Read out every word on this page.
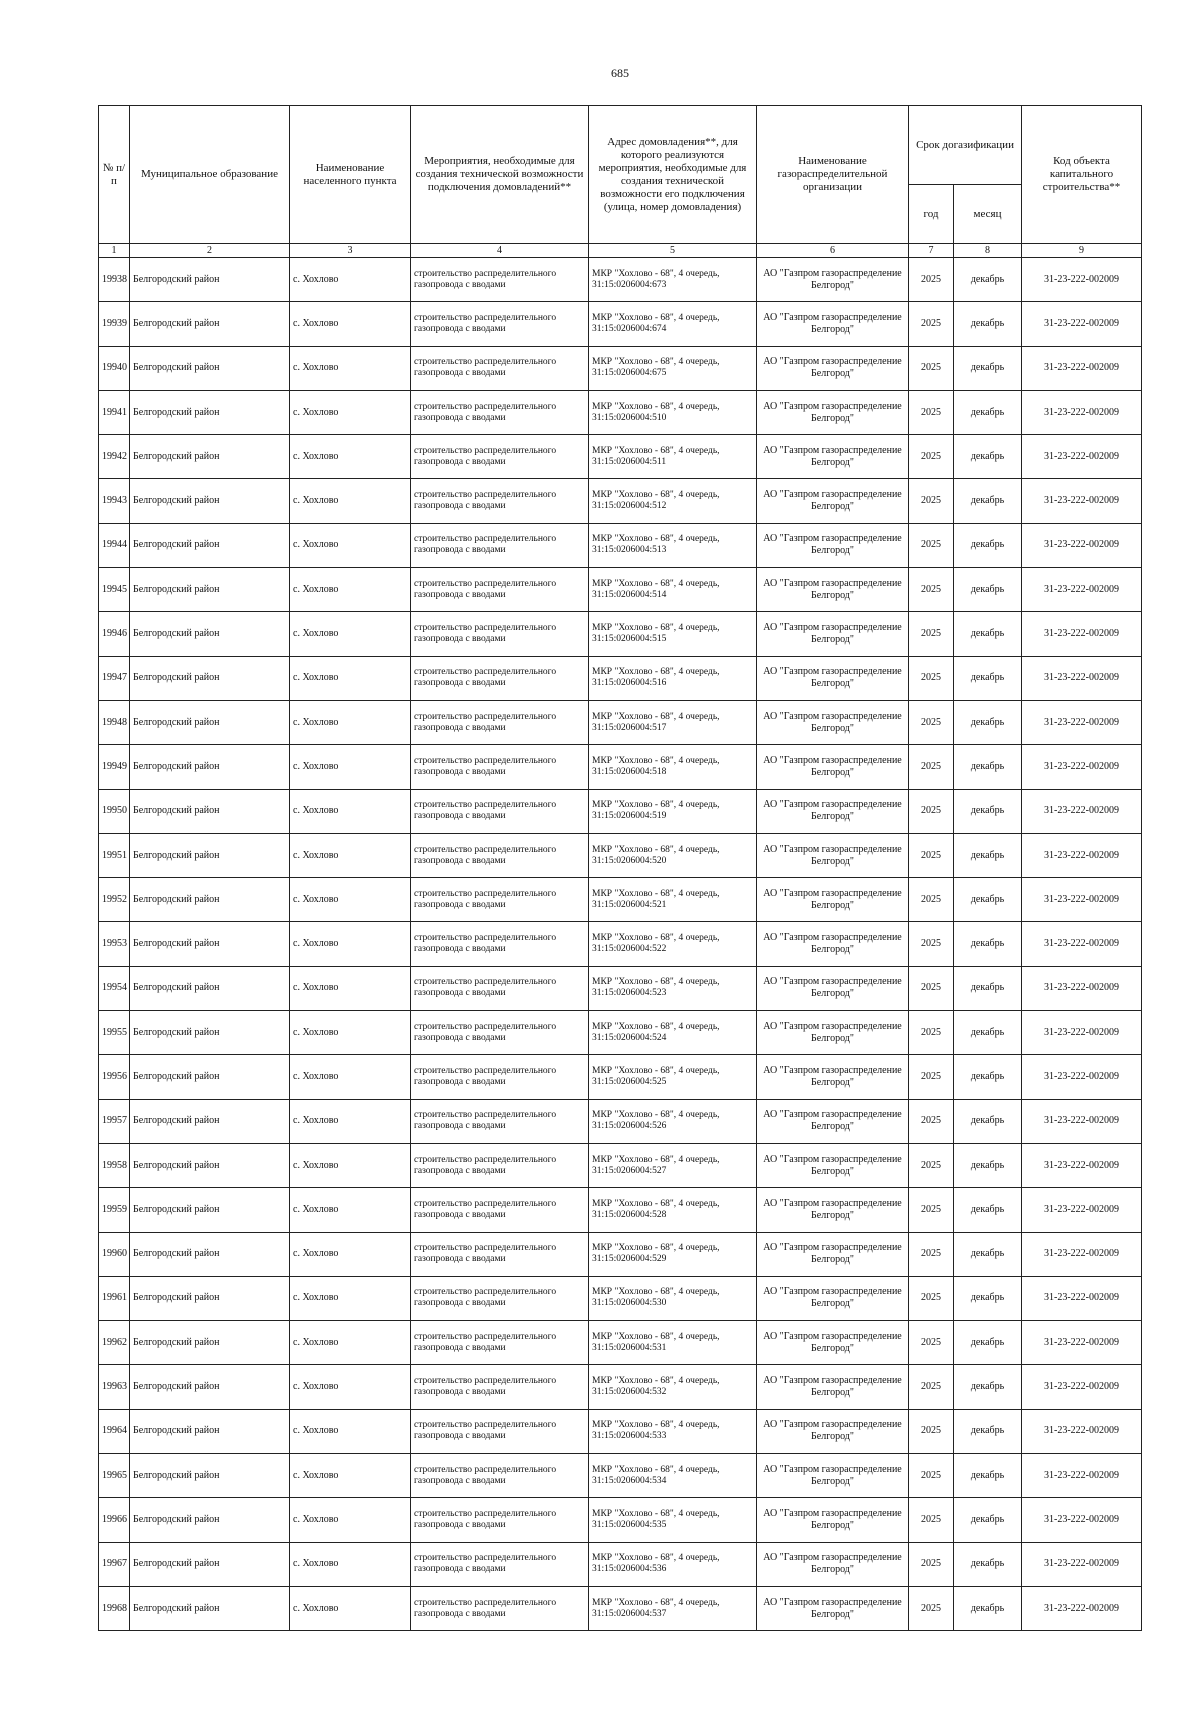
685
№ п/п	Муниципальное образование	Наименование населенного пункта	Мероприятия, необходимые для создания технической возможности подключения домовладений**	Адрес домовладения**, для которого реализуются мероприятия, необходимые для создания технической возможности его подключения (улица, номер домовладения)	Наименование газораспределительной организации	Срок догазификации		Код объекта капитального строительства**
						год	месяц	
1	2	3	4	5	6	7	8	9
19938	Белгородский район	с. Хохлово	строительство распределительного газопровода с вводами	МКР "Хохлово - 68", 4 очередь, 31:15:0206004:673	АО "Газпром газораспределение Белгород"	2025	декабрь	31-23-222-002009
19939	Белгородский район	с. Хохлово	строительство распределительного газопровода с вводами	МКР "Хохлово - 68", 4 очередь, 31:15:0206004:674	АО "Газпром газораспределение Белгород"	2025	декабрь	31-23-222-002009
19940	Белгородский район	с. Хохлово	строительство распределительного газопровода с вводами	МКР "Хохлово - 68", 4 очередь, 31:15:0206004:675	АО "Газпром газораспределение Белгород"	2025	декабрь	31-23-222-002009
19941	Белгородский район	с. Хохлово	строительство распределительного газопровода с вводами	МКР "Хохлово - 68", 4 очередь, 31:15:0206004:510	АО "Газпром газораспределение Белгород"	2025	декабрь	31-23-222-002009
19942	Белгородский район	с. Хохлово	строительство распределительного газопровода с вводами	МКР "Хохлово - 68", 4 очередь, 31:15:0206004:511	АО "Газпром газораспределение Белгород"	2025	декабрь	31-23-222-002009
19943	Белгородский район	с. Хохлово	строительство распределительного газопровода с вводами	МКР "Хохлово - 68", 4 очередь, 31:15:0206004:512	АО "Газпром газораспределение Белгород"	2025	декабрь	31-23-222-002009
19944	Белгородский район	с. Хохлово	строительство распределительного газопровода с вводами	МКР "Хохлово - 68", 4 очередь, 31:15:0206004:513	АО "Газпром газораспределение Белгород"	2025	декабрь	31-23-222-002009
19945	Белгородский район	с. Хохлово	строительство распределительного газопровода с вводами	МКР "Хохлово - 68", 4 очередь, 31:15:0206004:514	АО "Газпром газораспределение Белгород"	2025	декабрь	31-23-222-002009
19946	Белгородский район	с. Хохлово	строительство распределительного газопровода с вводами	МКР "Хохлово - 68", 4 очередь, 31:15:0206004:515	АО "Газпром газораспределение Белгород"	2025	декабрь	31-23-222-002009
19947	Белгородский район	с. Хохлово	строительство распределительного газопровода с вводами	МКР "Хохлово - 68", 4 очередь, 31:15:0206004:516	АО "Газпром газораспределение Белгород"	2025	декабрь	31-23-222-002009
19948	Белгородский район	с. Хохлово	строительство распределительного газопровода с вводами	МКР "Хохлово - 68", 4 очередь, 31:15:0206004:517	АО "Газпром газораспределение Белгород"	2025	декабрь	31-23-222-002009
19949	Белгородский район	с. Хохлово	строительство распределительного газопровода с вводами	МКР "Хохлово - 68", 4 очередь, 31:15:0206004:518	АО "Газпром газораспределение Белгород"	2025	декабрь	31-23-222-002009
19950	Белгородский район	с. Хохлово	строительство распределительного газопровода с вводами	МКР "Хохлово - 68", 4 очередь, 31:15:0206004:519	АО "Газпром газораспределение Белгород"	2025	декабрь	31-23-222-002009
19951	Белгородский район	с. Хохлово	строительство распределительного газопровода с вводами	МКР "Хохлово - 68", 4 очередь, 31:15:0206004:520	АО "Газпром газораспределение Белгород"	2025	декабрь	31-23-222-002009
19952	Белгородский район	с. Хохлово	строительство распределительного газопровода с вводами	МКР "Хохлово - 68", 4 очередь, 31:15:0206004:521	АО "Газпром газораспределение Белгород"	2025	декабрь	31-23-222-002009
19953	Белгородский район	с. Хохлово	строительство распределительного газопровода с вводами	МКР "Хохлово - 68", 4 очередь, 31:15:0206004:522	АО "Газпром газораспределение Белгород"	2025	декабрь	31-23-222-002009
19954	Белгородский район	с. Хохлово	строительство распределительного газопровода с вводами	МКР "Хохлово - 68", 4 очередь, 31:15:0206004:523	АО "Газпром газораспределение Белгород"	2025	декабрь	31-23-222-002009
19955	Белгородский район	с. Хохлово	строительство распределительного газопровода с вводами	МКР "Хохлово - 68", 4 очередь, 31:15:0206004:524	АО "Газпром газораспределение Белгород"	2025	декабрь	31-23-222-002009
19956	Белгородский район	с. Хохлово	строительство распределительного газопровода с вводами	МКР "Хохлово - 68", 4 очередь, 31:15:0206004:525	АО "Газпром газораспределение Белгород"	2025	декабрь	31-23-222-002009
19957	Белгородский район	с. Хохлово	строительство распределительного газопровода с вводами	МКР "Хохлово - 68", 4 очередь, 31:15:0206004:526	АО "Газпром газораспределение Белгород"	2025	декабрь	31-23-222-002009
19958	Белгородский район	с. Хохлово	строительство распределительного газопровода с вводами	МКР "Хохлово - 68", 4 очередь, 31:15:0206004:527	АО "Газпром газораспределение Белгород"	2025	декабрь	31-23-222-002009
19959	Белгородский район	с. Хохлово	строительство распределительного газопровода с вводами	МКР "Хохлово - 68", 4 очередь, 31:15:0206004:528	АО "Газпром газораспределение Белгород"	2025	декабрь	31-23-222-002009
19960	Белгородский район	с. Хохлово	строительство распределительного газопровода с вводами	МКР "Хохлово - 68", 4 очередь, 31:15:0206004:529	АО "Газпром газораспределение Белгород"	2025	декабрь	31-23-222-002009
19961	Белгородский район	с. Хохлово	строительство распределительного газопровода с вводами	МКР "Хохлово - 68", 4 очередь, 31:15:0206004:530	АО "Газпром газораспределение Белгород"	2025	декабрь	31-23-222-002009
19962	Белгородский район	с. Хохлово	строительство распределительного газопровода с вводами	МКР "Хохлово - 68", 4 очередь, 31:15:0206004:531	АО "Газпром газораспределение Белгород"	2025	декабрь	31-23-222-002009
19963	Белгородский район	с. Хохлово	строительство распределительного газопровода с вводами	МКР "Хохлово - 68", 4 очередь, 31:15:0206004:532	АО "Газпром газораспределение Белгород"	2025	декабрь	31-23-222-002009
19964	Белгородский район	с. Хохлово	строительство распределительного газопровода с вводами	МКР "Хохлово - 68", 4 очередь, 31:15:0206004:533	АО "Газпром газораспределение Белгород"	2025	декабрь	31-23-222-002009
19965	Белгородский район	с. Хохлово	строительство распределительного газопровода с вводами	МКР "Хохлово - 68", 4 очередь, 31:15:0206004:534	АО "Газпром газораспределение Белгород"	2025	декабрь	31-23-222-002009
19966	Белгородский район	с. Хохлово	строительство распределительного газопровода с вводами	МКР "Хохлово - 68", 4 очередь, 31:15:0206004:535	АО "Газпром газораспределение Белгород"	2025	декабрь	31-23-222-002009
19967	Белгородский район	с. Хохлово	строительство распределительного газопровода с вводами	МКР "Хохлово - 68", 4 очередь, 31:15:0206004:536	АО "Газпром газораспределение Белгород"	2025	декабрь	31-23-222-002009
19968	Белгородский район	с. Хохлово	строительство распределительного газопровода с вводами	МКР "Хохлово - 68", 4 очередь, 31:15:0206004:537	АО "Газпром газораспределение Белгород"	2025	декабрь	31-23-222-002009
